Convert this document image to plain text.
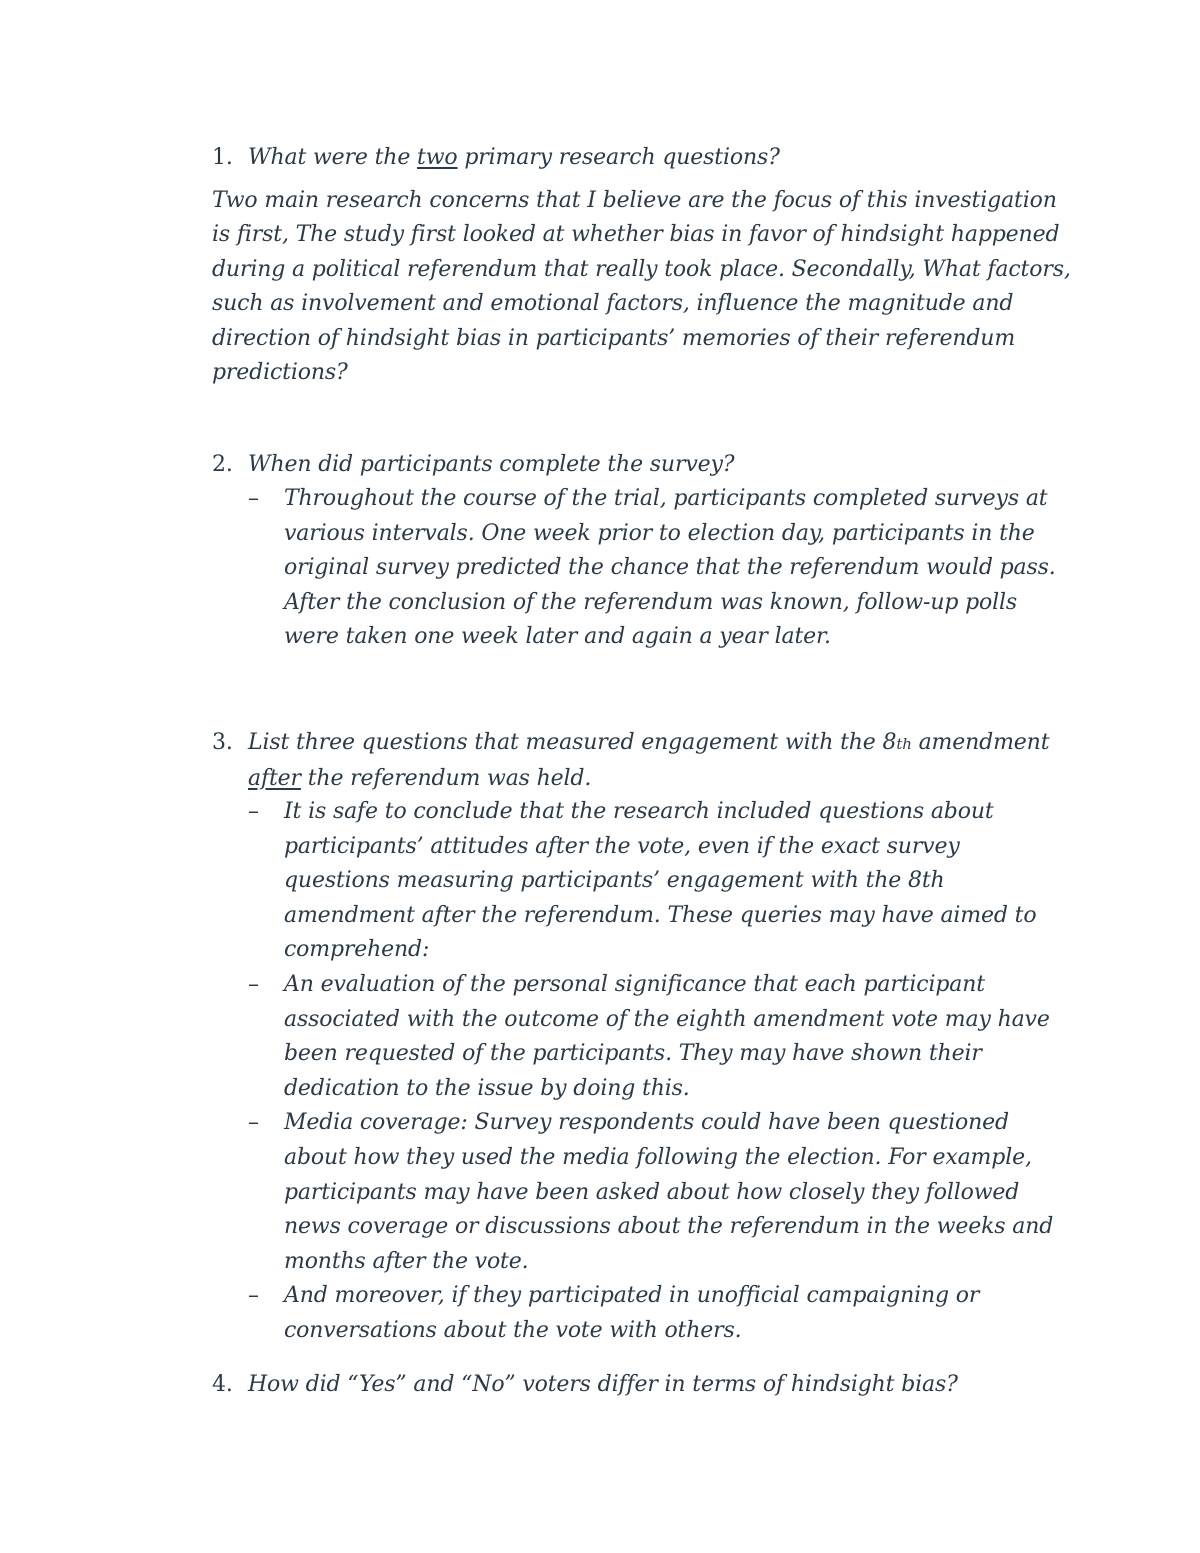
1. What were the two primary research questions?

Two main research concerns that I believe are the focus of this investigation is first, The study first looked at whether bias in favor of hindsight happened during a political referendum that really took place. Secondally, What factors, such as involvement and emotional factors, influence the magnitude and direction of hindsight bias in participants’ memories of their referendum predictions?

2. When did participants complete the survey?
– Throughout the course of the trial, participants completed surveys at various intervals. One week prior to election day, participants in the original survey predicted the chance that the referendum would pass. After the conclusion of the referendum was known, follow-up polls were taken one week later and again a year later.
3. List three questions that measured engagement with the 8th amendment
after the referendum was held.
– It is safe to conclude that the research included questions about participants’ attitudes after the vote, even if the exact survey questions measuring participants’ engagement with the 8th amendment after the referendum. These queries may have aimed to comprehend:
– An evaluation of the personal significance that each participant associated with the outcome of the eighth amendment vote may have been requested of the participants. They may have shown their dedication to the issue by doing this.
– Media coverage: Survey respondents could have been questioned about how they used the media following the election. For example, participants may have been asked about how closely they followed news coverage or discussions about the referendum in the weeks and months after the vote.
– And moreover, if they participated in unofficial campaigning or conversations about the vote with others.
4. How did “Yes” and “No” voters differ in terms of hindsight bias?
